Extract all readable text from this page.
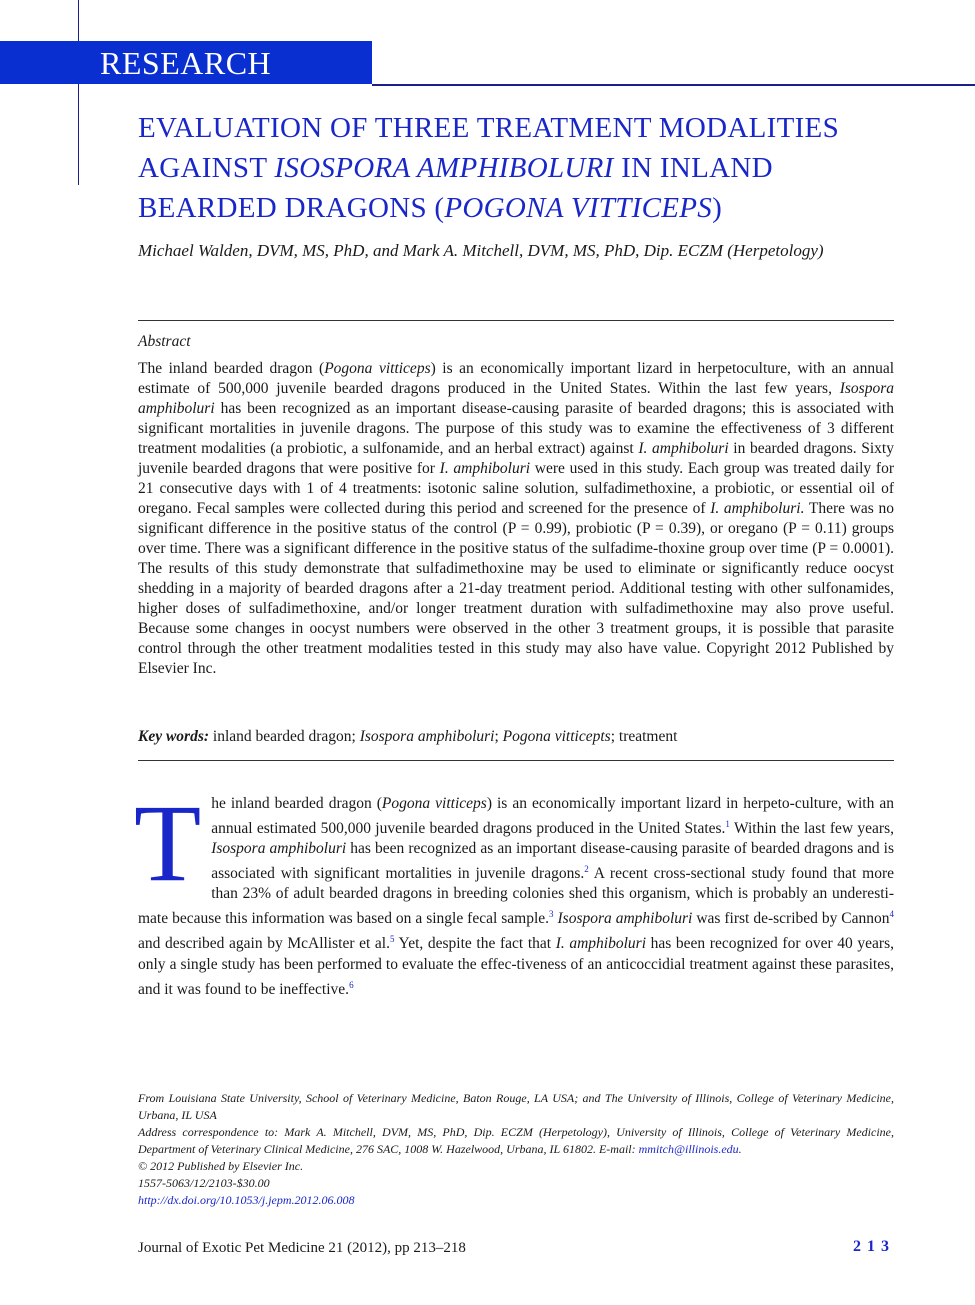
RESEARCH
EVALUATION OF THREE TREATMENT MODALITIES
AGAINST ISOSPORA AMPHIBOLURI IN INLAND
BEARDED DRAGONS (POGONA VITTICEPS)
Michael Walden, DVM, MS, PhD, and Mark A. Mitchell, DVM, MS, PhD, Dip. ECZM (Herpetology)
Abstract

The inland bearded dragon (Pogona vitticeps) is an economically important lizard in herpetoculture, with an annual estimate of 500,000 juvenile bearded dragons produced in the United States. Within the last few years, Isospora amphiboluri has been recognized as an important disease-causing parasite of bearded dragons; this is associated with significant mortalities in juvenile dragons. The purpose of this study was to examine the effectiveness of 3 different treatment modalities (a probiotic, a sulfonamide, and an herbal extract) against I. amphiboluri in bearded dragons. Sixty juvenile bearded dragons that were positive for I. amphiboluri were used in this study. Each group was treated daily for 21 consecutive days with 1 of 4 treatments: isotonic saline solution, sulfadimethoxine, a probiotic, or essential oil of oregano. Fecal samples were collected during this period and screened for the presence of I. amphiboluri. There was no significant difference in the positive status of the control (P = 0.99), probiotic (P = 0.39), or oregano (P = 0.11) groups over time. There was a significant difference in the positive status of the sulfadime-thoxine group over time (P = 0.0001). The results of this study demonstrate that sulfadimethoxine may be used to eliminate or significantly reduce oocyst shedding in a majority of bearded dragons after a 21-day treatment period. Additional testing with other sulfonamides, higher doses of sulfadimethoxine, and/or longer treatment duration with sulfadimethoxine may also prove useful. Because some changes in oocyst numbers were observed in the other 3 treatment groups, it is possible that parasite control through the other treatment modalities tested in this study may also have value. Copyright 2012 Published by Elsevier Inc.

Key words: inland bearded dragon; Isospora amphiboluri; Pogona vitticepts; treatment

The inland bearded dragon (Pogona vitticeps) is an economically important lizard in herpeto-culture, with an annual estimated 500,000 juvenile bearded dragons produced in the United States.$^1$ Within the last few years, Isospora amphiboluri has been recognized as an important disease-causing parasite of bearded dragons and is associated with significant mortalities in juvenile dragons.$^2$ A recent cross-sectional study found that more than 23% of adult bearded dragons in breeding colonies shed this organism, which is probably an underesti-mate because this information was based on a single fecal sample.$^3$ Isospora amphiboluri was first de-scribed by Cannon$^4$ and described again by McAllister et al.$^5$ Yet, despite the fact that I. amphiboluri has been recognized for over 40 years, only a single study has been performed to evaluate the effec-tiveness of an anticoccidial treatment against these parasites, and it was found to be ineffective.$^6$

From Louisiana State University, School of Veterinary Medicine, Baton Rouge, LA USA; and The University of Illinois, College of Veterinary Medicine, Urbana, IL USA
Address correspondence to: Mark A. Mitchell, DVM, MS, PhD, Dip. ECZM (Herpetology), University of Illinois, College of Veterinary Medicine, Department of Veterinary Clinical Medicine, 276 SAC, 1008 W. Hazelwood, Urbana, IL 61802. E-mail: mmitch@illinois.edu.
© 2012 Published by Elsevier Inc.
1557-5063/12/2103-$30.00
http://dx.doi.org/10.1053/j.jepm.2012.06.008
Journal of Exotic Pet Medicine 21 (2012), pp 213–218	213
